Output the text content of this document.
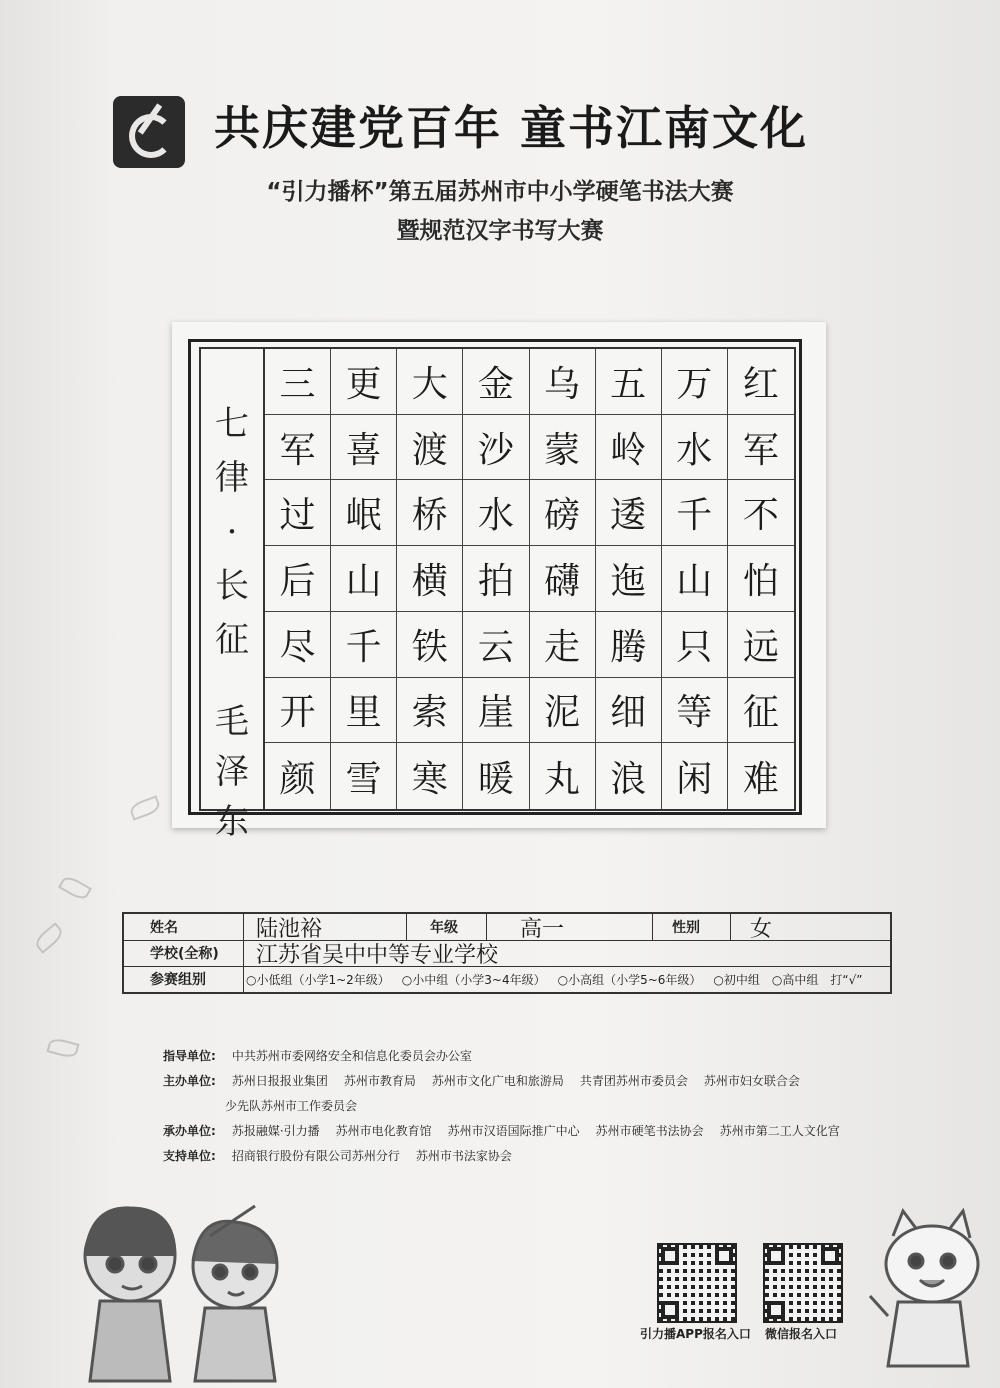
共庆建党百年 童书江南文化
“引力播杯”第五届苏州市中小学硬笔书法大赛
暨规范汉字书写大赛
七
律
·
长
征
毛
泽
东
三 更 大 金 乌 五 万 红
军 喜 渡 沙 蒙 岭 水 军
过 岷 桥 水 磅 逶 千 不
后 山 横 拍 礴 迤 山 怕
尽 千 铁 云 走 腾 只 远
开 里 索 崖 泥 细 等 征
颜 雪 寒 暖 丸 浪 闲 难
姓名	陆池裕	年级	高一	性别 女
学校(全称)	江苏省吴中中等专业学校
参赛组别	○小低组（小学1~2年级） ○小中组（小学3~4年级） ○小高组（小学5~6年级） ○初中组 ○高中组 打“√”
指导单位: 中共苏州市委网络安全和信息化委员会办公室
主办单位: 苏州日报报业集团 苏州市教育局 苏州市文化广电和旅游局 共青团苏州市委员会 苏州市妇女联合会
少先队苏州市工作委员会
承办单位: 苏报融媒·引力播 苏州市电化教育馆 苏州市汉语国际推广中心 苏州市硬笔书法协会 苏州市第二工人文化宫
支持单位: 招商银行股份有限公司苏州分行 苏州市书法家协会
引力播APP报名入口 微信报名入口
